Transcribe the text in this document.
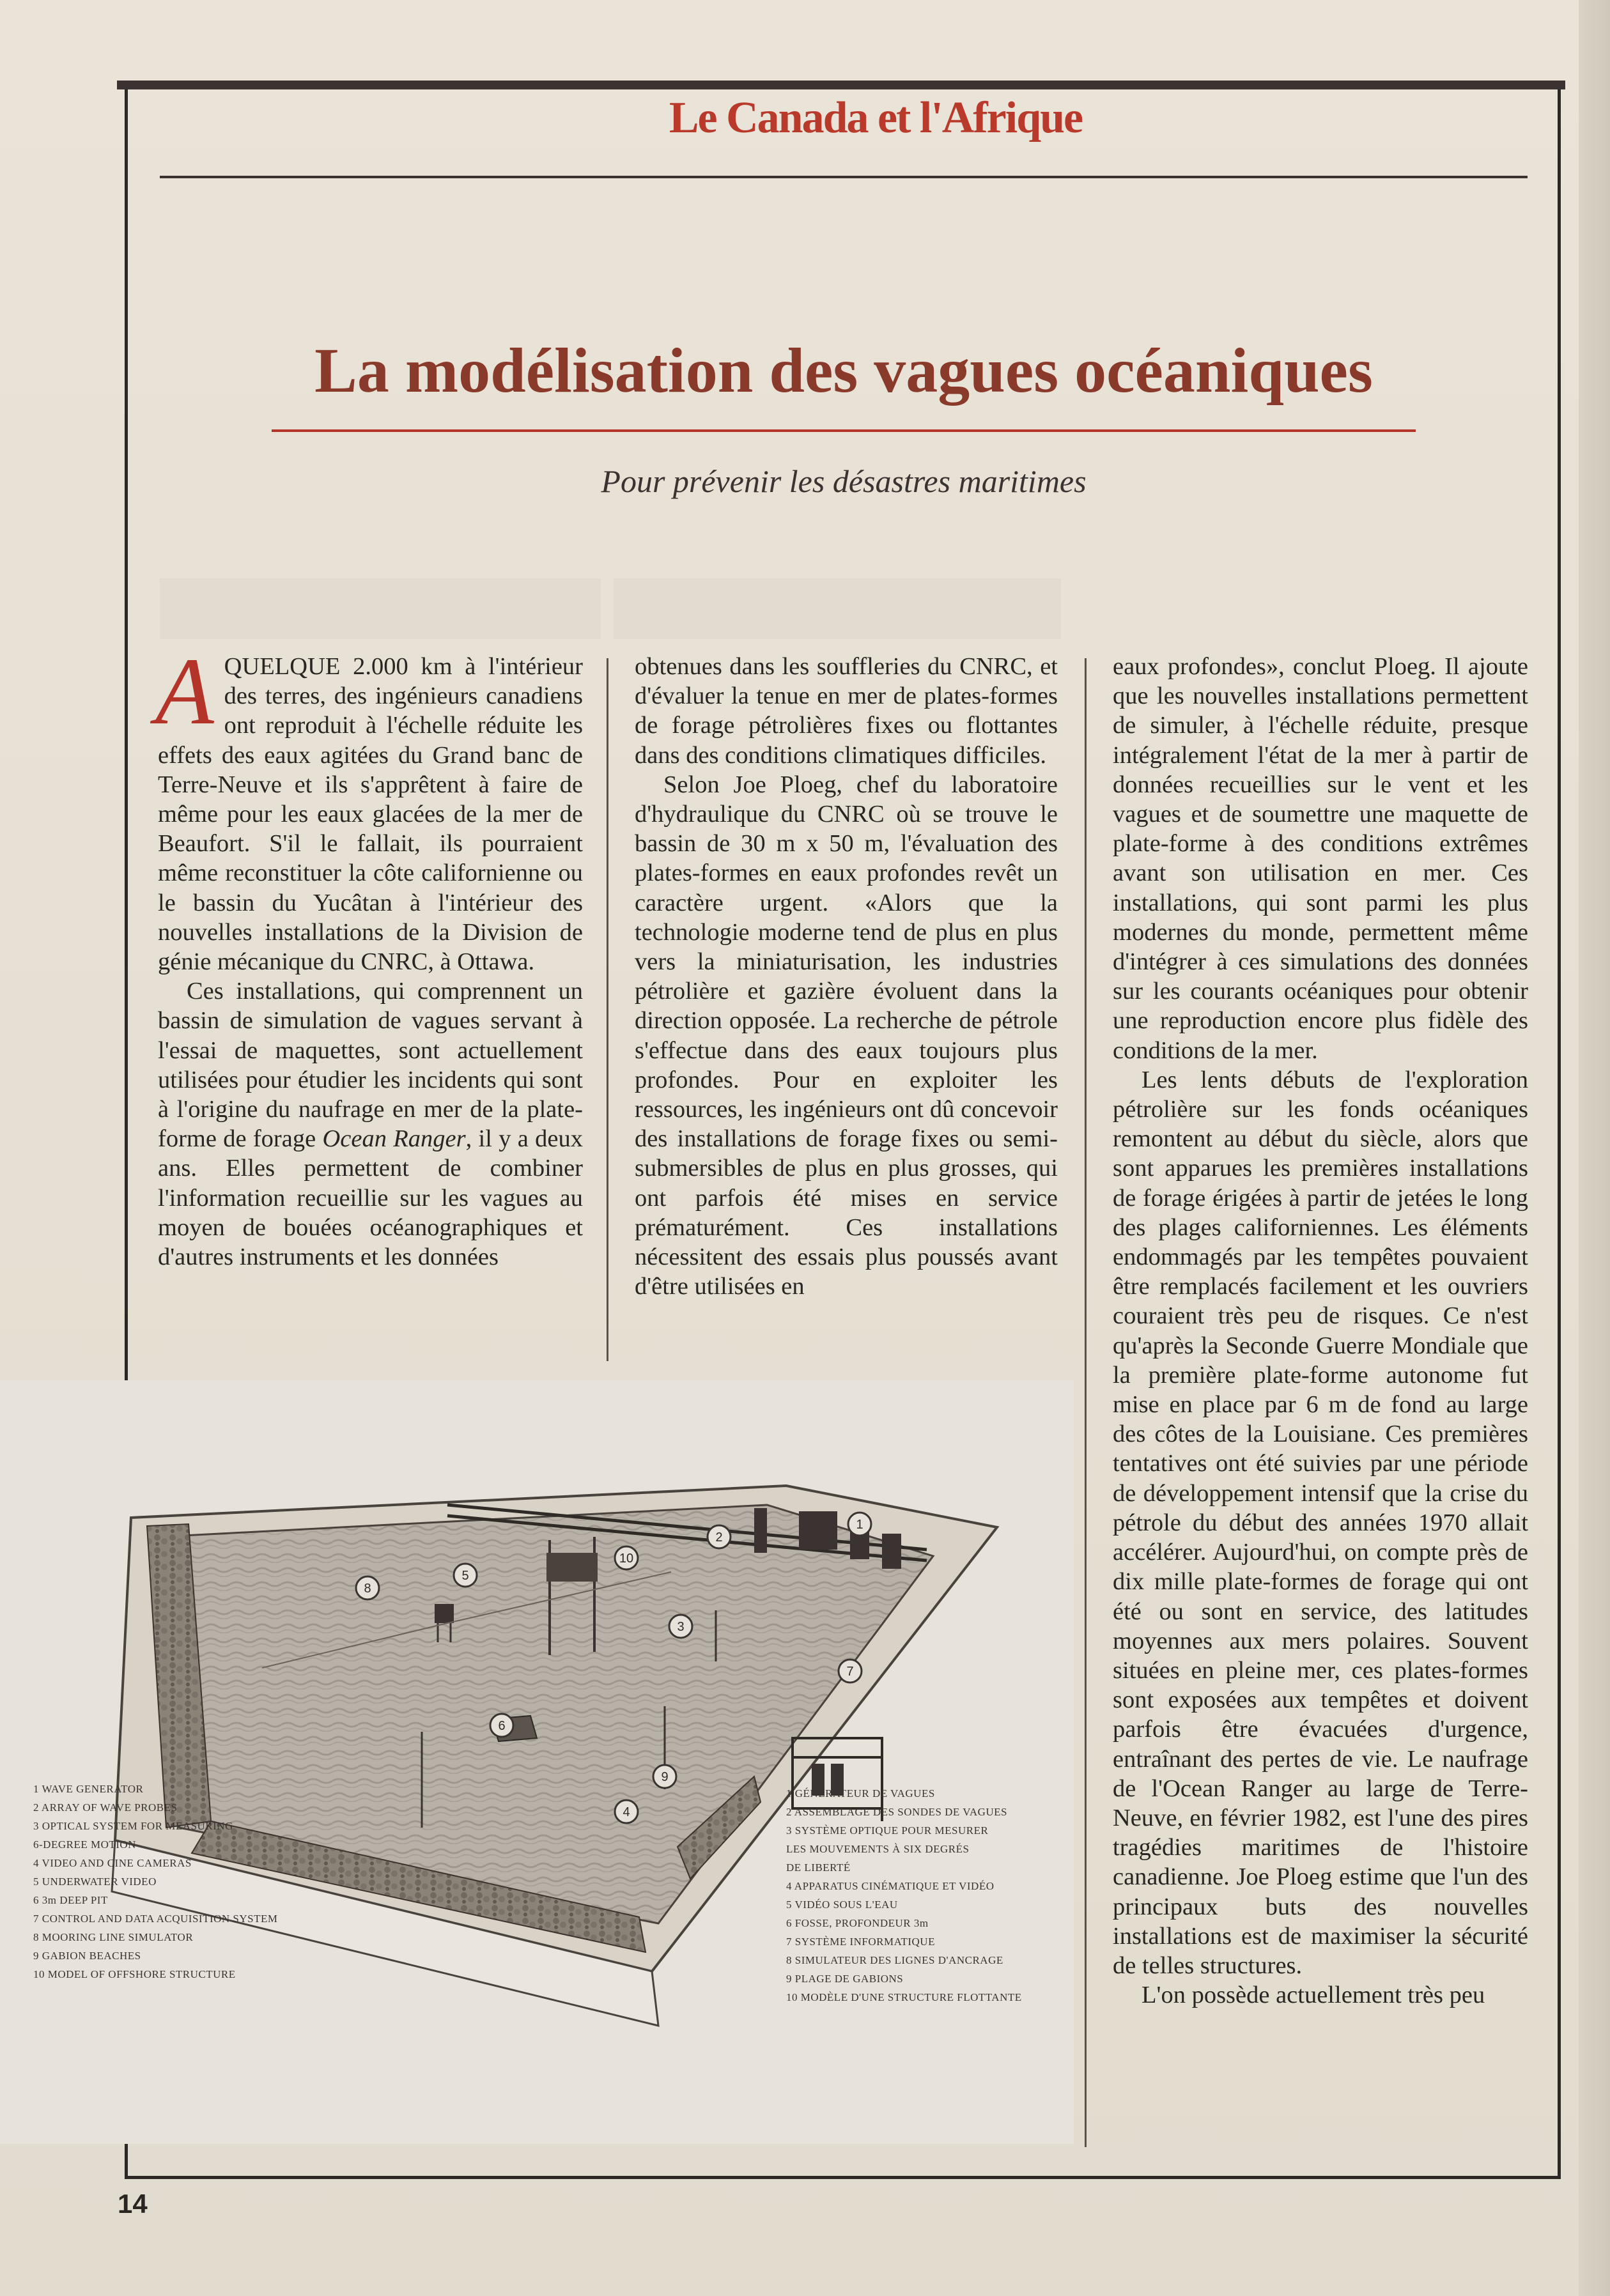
Le Canada et l'Afrique
La modélisation des vagues océaniques
Pour prévenir les désastres maritimes

AQUELQUE 2.000 km à l'intérieur des terres, des ingénieurs canadiens ont reproduit à l'échelle réduite les effets des eaux agitées du Grand banc de Terre-Neuve et ils s'apprêtent à faire de même pour les eaux glacées de la mer de Beaufort. S'il le fallait, ils pourraient même reconstituer la côte californienne ou le bassin du Yucâtan à l'intérieur des nouvelles installations de la Division de génie mécanique du CNRC, à Ottawa.

Ces installations, qui comprennent un bassin de simulation de vagues servant à l'essai de maquettes, sont actuellement utilisées pour étudier les incidents qui sont à l'origine du naufrage en mer de la plate-forme de forage Ocean Ranger, il y a deux ans. Elles permettent de combiner l'information recueillie sur les vagues au moyen de bouées océanographiques et d'autres instruments et les données

obtenues dans les souffleries du CNRC, et d'évaluer la tenue en mer de plates-formes de forage pétrolières fixes ou flottantes dans des conditions climatiques difficiles.

Selon Joe Ploeg, chef du laboratoire d'hydraulique du CNRC où se trouve le bassin de 30 m x 50 m, l'évaluation des plates-formes en eaux profondes revêt un caractère urgent. «Alors que la technologie moderne tend de plus en plus vers la miniaturisation, les industries pétrolière et gazière évoluent dans la direction opposée. La recherche de pétrole s'effectue dans des eaux toujours plus profondes. Pour en exploiter les ressources, les ingénieurs ont dû concevoir des installations de forage fixes ou semi-submersibles de plus en plus grosses, qui ont parfois été mises en service prématurément. Ces installations nécessitent des essais plus poussés avant d'être utilisées en

eaux profondes», conclut Ploeg. Il ajoute que les nouvelles installations permettent de simuler, à l'échelle réduite, presque intégralement l'état de la mer à partir de données recueillies sur le vent et les vagues et de soumettre une maquette de plate-forme à des conditions extrêmes avant son utilisation en mer. Ces installations, qui sont parmi les plus modernes du monde, permettent même d'intégrer à ces simulations des données sur les courants océaniques pour obtenir une reproduction encore plus fidèle des conditions de la mer.

Les lents débuts de l'exploration pétrolière sur les fonds océaniques remontent au début du siècle, alors que sont apparues les premières installations de forage érigées à partir de jetées le long des plages californiennes. Les éléments endommagés par les tempêtes pouvaient être remplacés facilement et les ouvriers couraient très peu de risques. Ce n'est qu'après la Seconde Guerre Mondiale que la première plate-forme autonome fut mise en place par 6 m de fond au large des côtes de la Louisiane. Ces premières tentatives ont été suivies par une période de développement intensif que la crise du pétrole du début des années 1970 allait accélérer. Aujourd'hui, on compte près de dix mille plate-formes de forage qui ont été ou sont en service, des latitudes moyennes aux mers polaires. Souvent situées en pleine mer, ces plates-formes sont exposées aux tempêtes et doivent parfois être évacuées d'urgence, entraînant des pertes de vie. Le naufrage de l'Ocean Ranger au large de Terre-Neuve, en février 1982, est l'une des pires tragédies maritimes de l'histoire canadienne. Joe Ploeg estime que l'un des principaux buts des nouvelles installations est de maximiser la sécurité de telles structures.

L'on possède actuellement très peu

1
2
3
5
10
6
7
8
9
4
1 WAVE GENERATOR
2 ARRAY OF WAVE PROBES
3 OPTICAL SYSTEM FOR MEASURING
6-DEGREE MOTION
4 VIDEO AND CINE CAMERAS
5 UNDERWATER VIDEO
6 3m DEEP PIT
7 CONTROL AND DATA ACQUISITION SYSTEM
8 MOORING LINE SIMULATOR
9 GABION BEACHES
10 MODEL OF OFFSHORE STRUCTURE
1 GÉNÉRATEUR DE VAGUES
2 ASSEMBLAGE DES SONDES DE VAGUES
3 SYSTÈME OPTIQUE POUR MESURER
LES MOUVEMENTS À SIX DEGRÉS
DE LIBERTÉ
4 APPARATUS CINÉMATIQUE ET VIDÉO
5 VIDÉO SOUS L'EAU
6 FOSSE, PROFONDEUR 3m
7 SYSTÈME INFORMATIQUE
8 SIMULATEUR DES LIGNES D'ANCRAGE
9 PLAGE DE GABIONS
10 MODÈLE D'UNE STRUCTURE FLOTTANTE
14
